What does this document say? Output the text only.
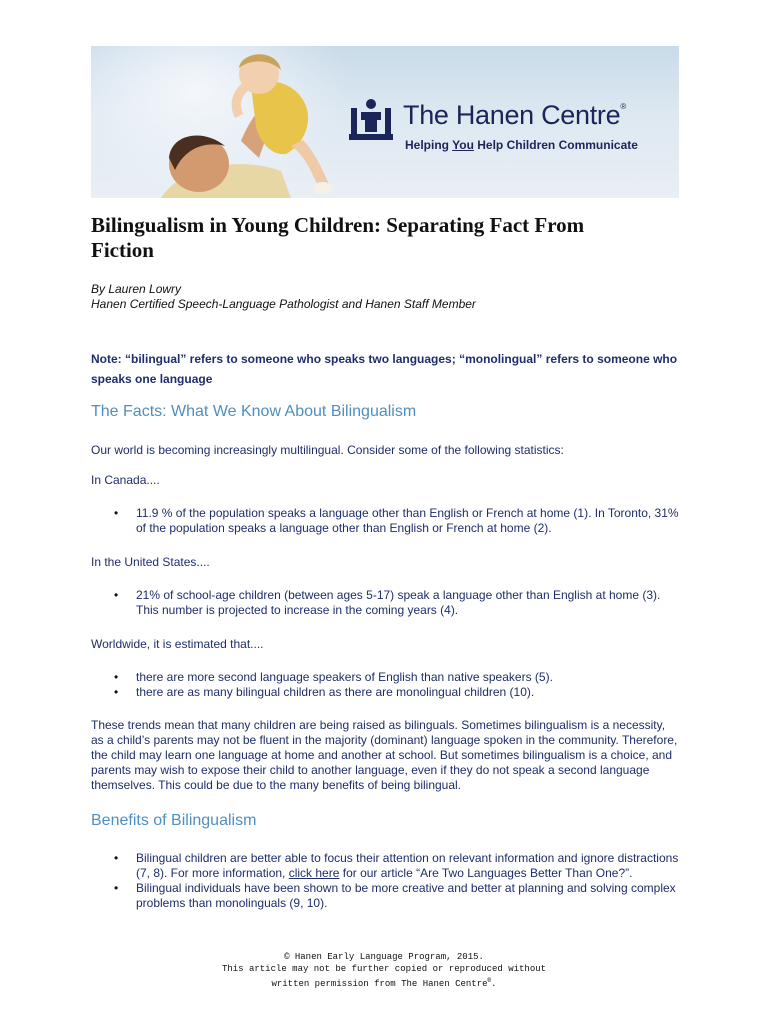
The Hanen Centre®
Helping You Help Children Communicate
Bilingualism in Young Children: Separating Fact From Fiction
By Lauren Lowry
Hanen Certified Speech-Language Pathologist and Hanen Staff Member
Note: “bilingual” refers to someone who speaks two languages; “monolingual” refers to someone who speaks one language
The Facts: What We Know About Bilingualism
Our world is becoming increasingly multilingual. Consider some of the following statistics:
In Canada....
• 11.9 % of the population speaks a language other than English or French at home (1). In Toronto, 31% of the population speaks a language other than English or French at home (2).
In the United States....
• 21% of school-age children (between ages 5-17) speak a language other than English at home (3). This number is projected to increase in the coming years (4).
Worldwide, it is estimated that....
• there are more second language speakers of English than native speakers (5).
• there are as many bilingual children as there are monolingual children (10).
These trends mean that many children are being raised as bilinguals. Sometimes bilingualism is a necessity, as a child’s parents may not be fluent in the majority (dominant) language spoken in the community. Therefore, the child may learn one language at home and another at school. But sometimes bilingualism is a choice, and parents may wish to expose their child to another language, even if they do not speak a second language themselves. This could be due to the many benefits of being bilingual.
Benefits of Bilingualism
• Bilingual children are better able to focus their attention on relevant information and ignore distractions (7, 8). For more information, click here for our article “Are Two Languages Better Than One?”.
• Bilingual individuals have been shown to be more creative and better at planning and solving complex problems than monolinguals (9, 10).
© Hanen Early Language Program, 2015.
This article may not be further copied or reproduced without
written permission from The Hanen Centre®.
